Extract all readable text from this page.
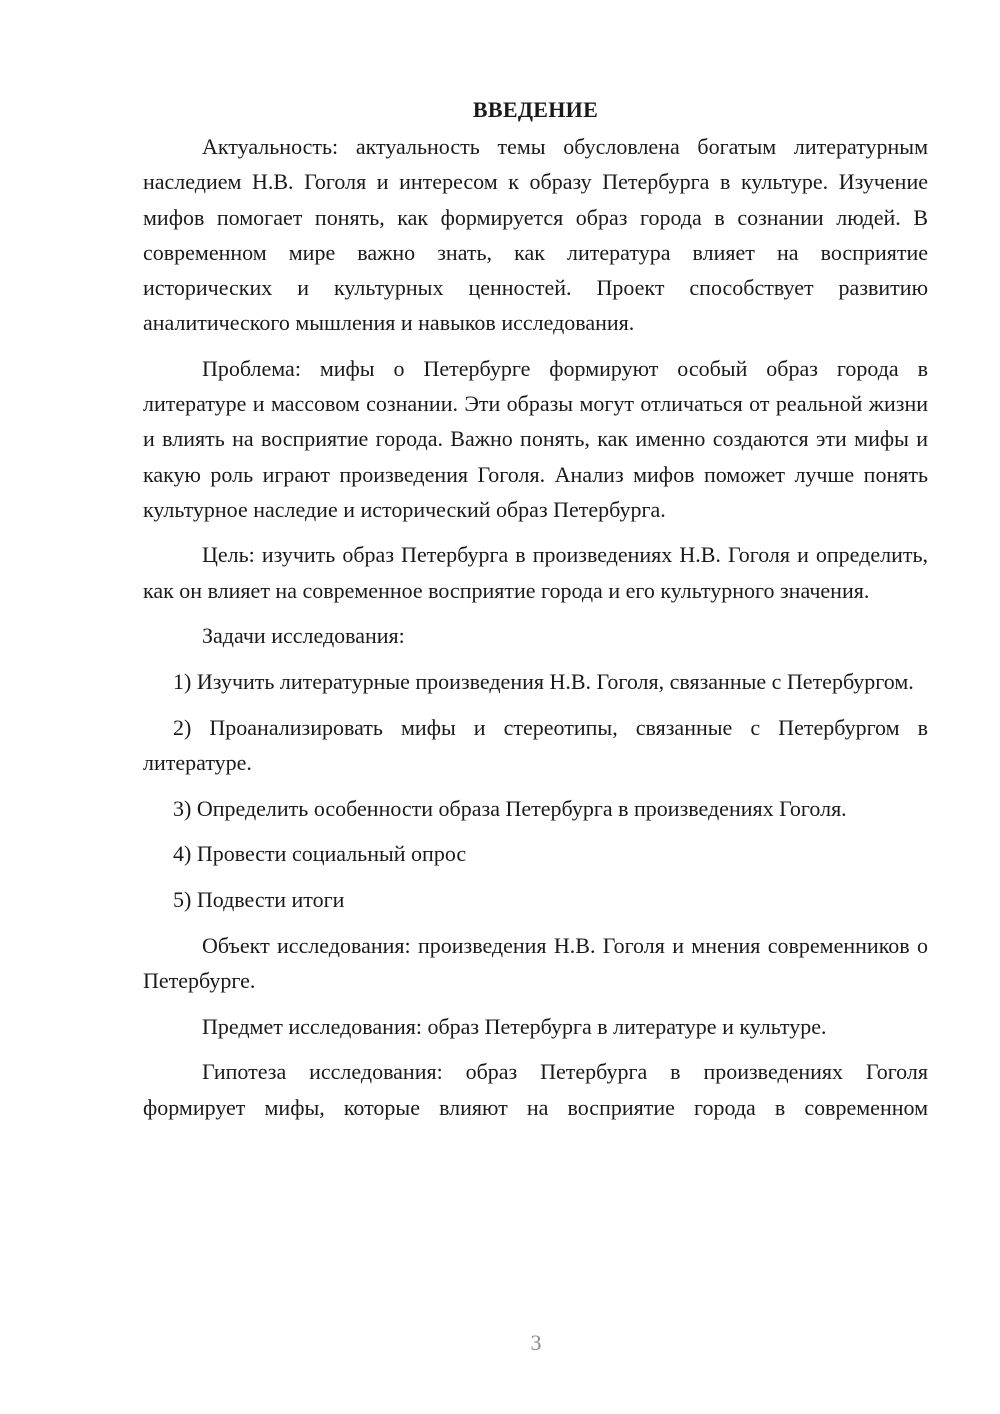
ВВЕДЕНИЕ

Актуальность: актуальность темы обусловлена богатым литературным наследием Н.В. Гоголя и интересом к образу Петербурга в культуре. Изучение мифов помогает понять, как формируется образ города в сознании людей. В современном мире важно знать, как литература влияет на восприятие исторических и культурных ценностей. Проект способствует развитию аналитического мышления и навыков исследования.

Проблема: мифы о Петербурге формируют особый образ города в литературе и массовом сознании. Эти образы могут отличаться от реальной жизни и влиять на восприятие города. Важно понять, как именно создаются эти мифы и какую роль играют произведения Гоголя. Анализ мифов поможет лучше понять культурное наследие и исторический образ Петербурга.

Цель: изучить образ Петербурга в произведениях Н.В. Гоголя и определить, как он влияет на современное восприятие города и его культурного значения.

Задачи исследования:

1) Изучить литературные произведения Н.В. Гоголя, связанные с Петербургом.

2) Проанализировать мифы и стереотипы, связанные с Петербургом в литературе.

3) Определить особенности образа Петербурга в произведениях Гоголя.

4) Провести социальный опрос

5) Подвести итоги

Объект исследования: произведения Н.В. Гоголя и мнения современников о Петербурге.

Предмет исследования: образ Петербурга в литературе и культуре.

Гипотеза исследования: образ Петербурга в произведениях Гоголя формирует мифы, которые влияют на восприятие города в современном

3
